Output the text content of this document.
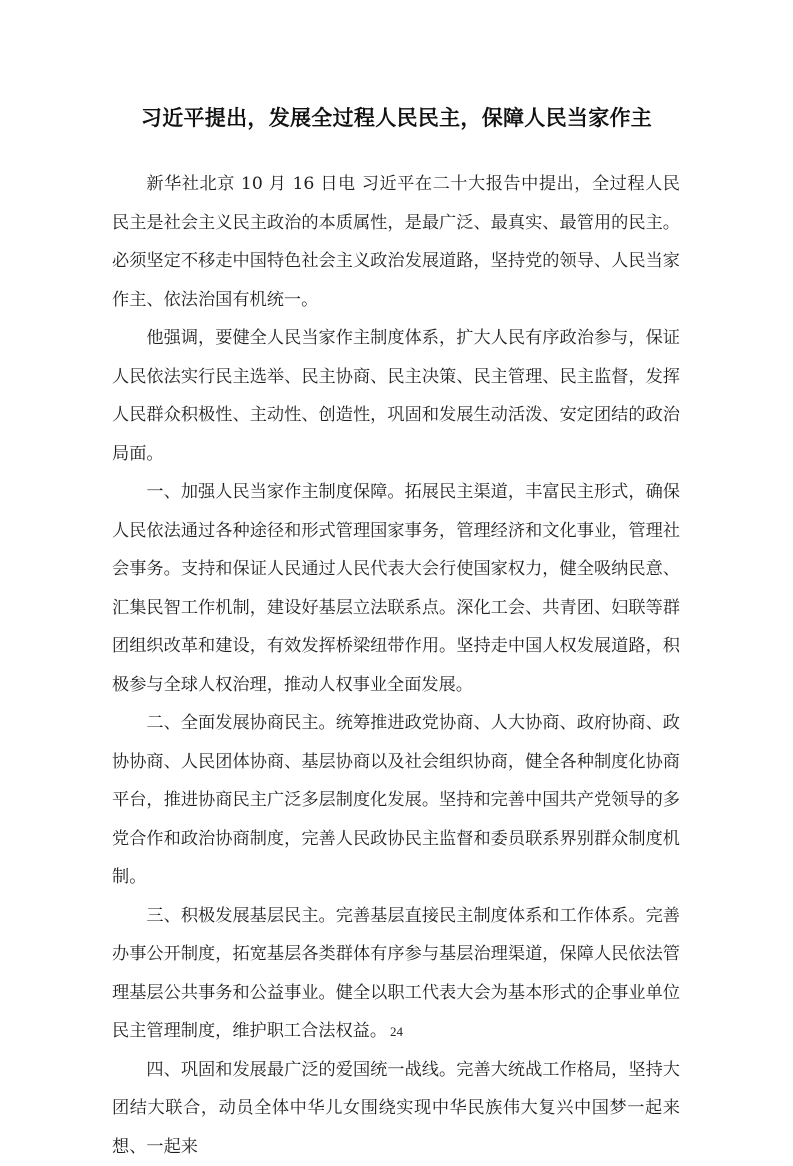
习近平提出，发展全过程人民民主，保障人民当家作主

新华社北京 10 月 16 日电 习近平在二十大报告中提出，全过程人民民主是社会主义民主政治的本质属性，是最广泛、最真实、最管用的民主。必须坚定不移走中国特色社会主义政治发展道路，坚持党的领导、人民当家作主、依法治国有机统一。

他强调，要健全人民当家作主制度体系，扩大人民有序政治参与，保证人民依法实行民主选举、民主协商、民主决策、民主管理、民主监督，发挥人民群众积极性、主动性、创造性，巩固和发展生动活泼、安定团结的政治局面。

一、加强人民当家作主制度保障。拓展民主渠道，丰富民主形式，确保人民依法通过各种途径和形式管理国家事务，管理经济和文化事业，管理社会事务。支持和保证人民通过人民代表大会行使国家权力，健全吸纳民意、汇集民智工作机制，建设好基层立法联系点。深化工会、共青团、妇联等群团组织改革和建设，有效发挥桥梁纽带作用。坚持走中国人权发展道路，积极参与全球人权治理，推动人权事业全面发展。

二、全面发展协商民主。统筹推进政党协商、人大协商、政府协商、政协协商、人民团体协商、基层协商以及社会组织协商，健全各种制度化协商平台，推进协商民主广泛多层制度化发展。坚持和完善中国共产党领导的多党合作和政治协商制度，完善人民政协民主监督和委员联系界别群众制度机制。

三、积极发展基层民主。完善基层直接民主制度体系和工作体系。完善办事公开制度，拓宽基层各类群体有序参与基层治理渠道，保障人民依法管理基层公共事务和公益事业。健全以职工代表大会为基本形式的企事业单位民主管理制度，维护职工合法权益。

四、巩固和发展最广泛的爱国统一战线。完善大统战工作格局，坚持大团结大联合，动员全体中华儿女围绕实现中华民族伟大复兴中国梦一起来想、一起来

24
